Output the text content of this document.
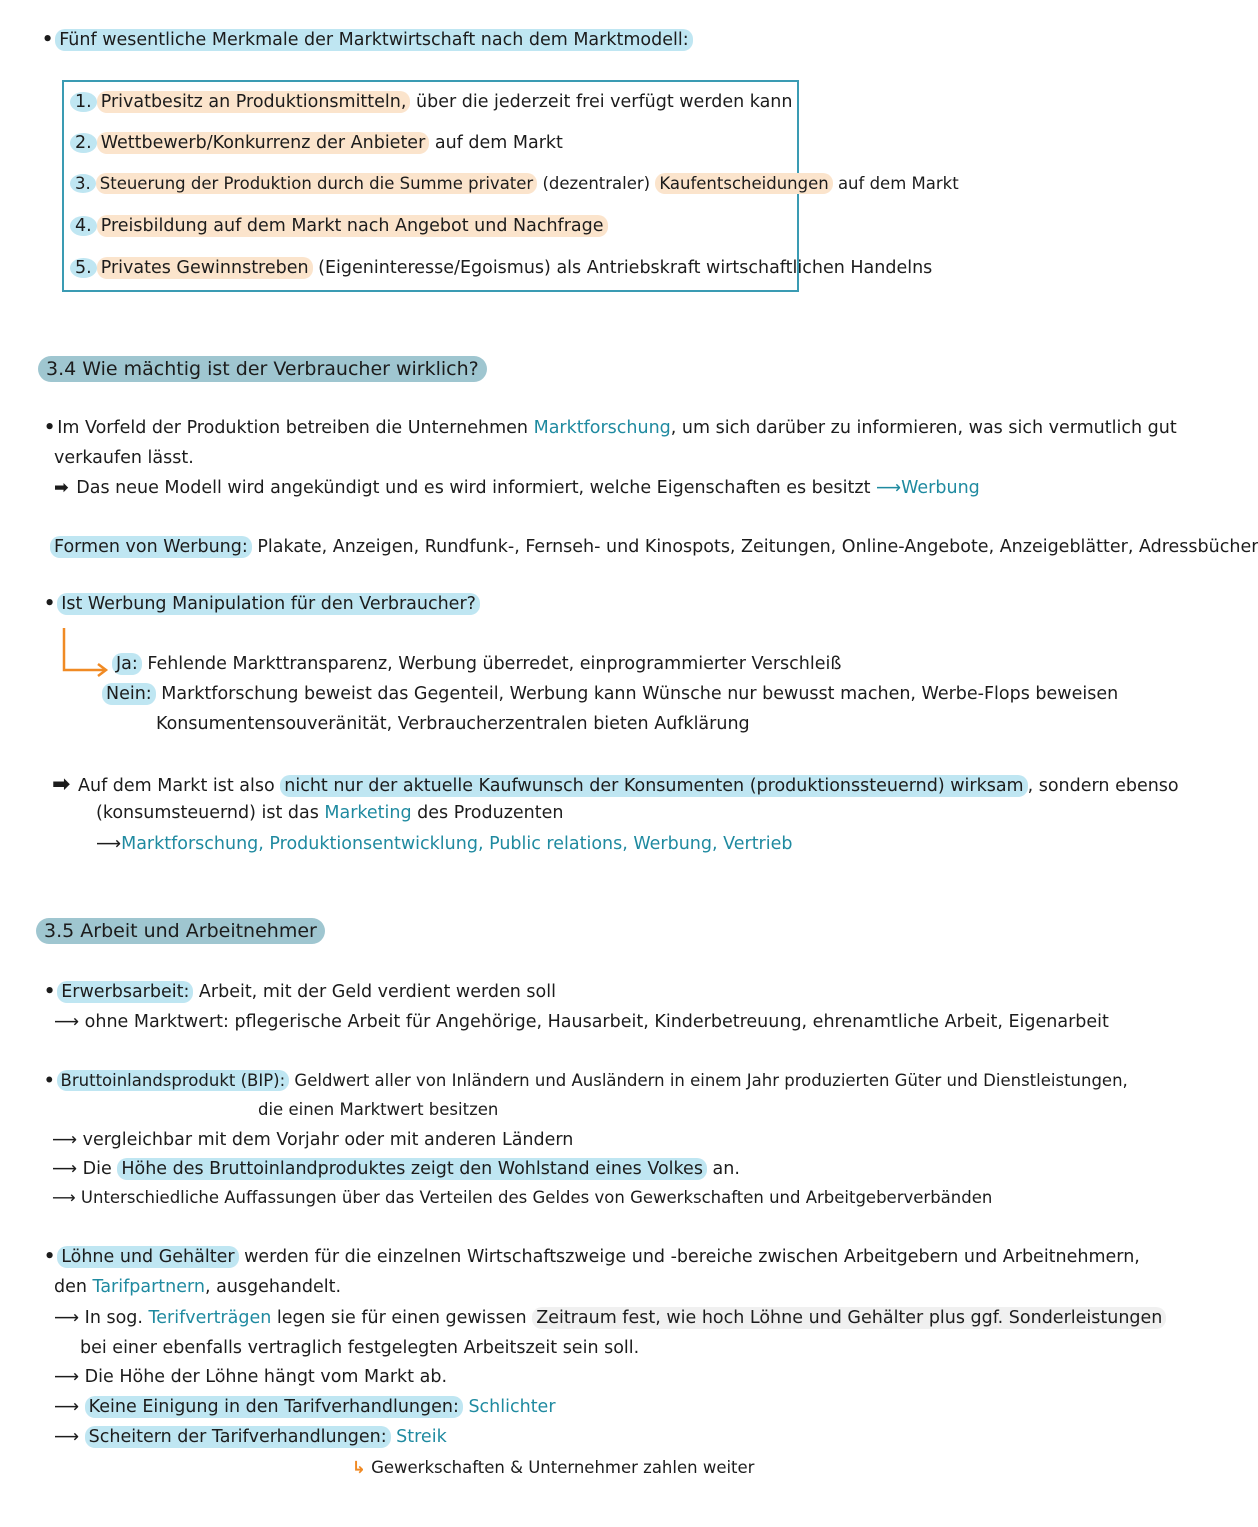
• Fünf wesentliche Merkmale der Marktwirtschaft nach dem Marktmodell:
1. Privatbesitz an Produktionsmitteln, über die jederzeit frei verfügt werden kann
2. Wettbewerb/Konkurrenz der Anbieter auf dem Markt
3. Steuerung der Produktion durch die Summe privater (dezentraler) Kaufentscheidungen auf dem Markt
4. Preisbildung auf dem Markt nach Angebot und Nachfrage
5. Privates Gewinnstreben (Eigeninteresse/Egoismus) als Antriebskraft wirtschaftlichen Handelns
3.4 Wie mächtig ist der Verbraucher wirklich?
• Im Vorfeld der Produktion betreiben die Unternehmen Marktforschung, um sich darüber zu informieren, was sich vermutlich gut
verkaufen lässt.
➡ Das neue Modell wird angekündigt und es wird informiert, welche Eigenschaften es besitzt ⟶Werbung
Formen von Werbung: Plakate, Anzeigen, Rundfunk-, Fernseh- und Kinospots, Zeitungen, Online-Angebote, Anzeigeblätter, Adressbücher
• Ist Werbung Manipulation für den Verbraucher?
Ja: Fehlende Markttransparenz, Werbung überredet, einprogrammierter Verschleiß
Nein: Marktforschung beweist das Gegenteil, Werbung kann Wünsche nur bewusst machen, Werbe-Flops beweisen
Konsumentensouveränität, Verbraucherzentralen bieten Aufklärung
➡ Auf dem Markt ist also nicht nur der aktuelle Kaufwunsch der Konsumenten (produktionssteuernd) wirksam , sondern ebenso
(konsumsteuernd) ist das Marketing des Produzenten
⟶Marktforschung, Produktionsentwicklung, Public relations, Werbung, Vertrieb
3.5 Arbeit und Arbeitnehmer
• Erwerbsarbeit: Arbeit, mit der Geld verdient werden soll
⟶ ohne Marktwert: pflegerische Arbeit für Angehörige, Hausarbeit, Kinderbetreuung, ehrenamtliche Arbeit, Eigenarbeit
• Bruttoinlandsprodukt (BIP): Geldwert aller von Inländern und Ausländern in einem Jahr produzierten Güter und Dienstleistungen,
die einen Marktwert besitzen
⟶ vergleichbar mit dem Vorjahr oder mit anderen Ländern
⟶ Die Höhe des Bruttoinlandproduktes zeigt den Wohlstand eines Volkes an.
⟶ Unterschiedliche Auffassungen über das Verteilen des Geldes von Gewerkschaften und Arbeitgeberverbänden
• Löhne und Gehälter werden für die einzelnen Wirtschaftszweige und -bereiche zwischen Arbeitgebern und Arbeitnehmern,
den Tarifpartnern, ausgehandelt.
⟶ In sog. Terifverträgen legen sie für einen gewissen Zeitraum fest, wie hoch Löhne und Gehälter plus ggf. Sonderleistungen
bei einer ebenfalls vertraglich festgelegten Arbeitszeit sein soll.
⟶ Die Höhe der Löhne hängt vom Markt ab.
⟶ Keine Einigung in den Tarifverhandlungen: Schlichter
⟶ Scheitern der Tarifverhandlungen: Streik
↳ Gewerkschaften & Unternehmer zahlen weiter
